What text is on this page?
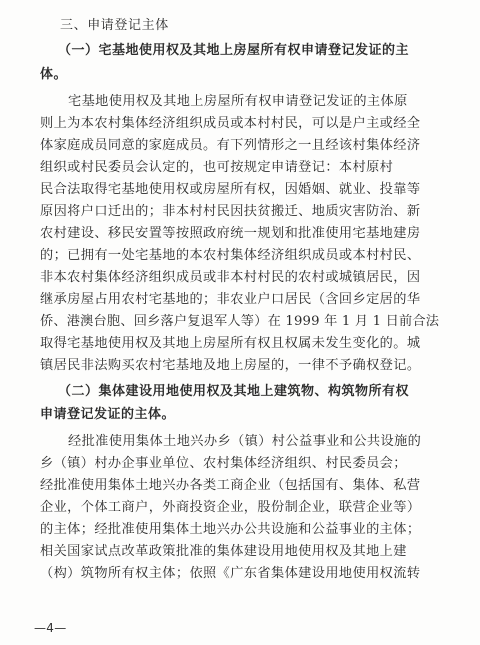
三、申请登记主体
（一）宅基地使用权及其地上房屋所有权申请登记发证的主
体。
宅基地使用权及其地上房屋所有权申请登记发证的主体原
则上为本农村集体经济组织成员或本村村民，可以是户主或经全
体家庭成员同意的家庭成员。有下列情形之一且经该村集体经济
组织或村民委员会认定的，也可按规定申请登记：本村原村
民合法取得宅基地使用权或房屋所有权，因婚姻、就业、投靠等
原因将户口迁出的；非本村村民因扶贫搬迁、地质灾害防治、新
农村建设、移民安置等按照政府统一规划和批准使用宅基地建房
的；已拥有一处宅基地的本农村集体经济组织成员或本村村民、
非本农村集体经济组织成员或非本村村民的农村或城镇居民，因
继承房屋占用农村宅基地的；非农业户口居民（含回乡定居的华
侨、港澳台胞、回乡落户复退军人等）在 1999 年 1 月 1 日前合法
取得宅基地使用权及其地上房屋所有权且权属未发生变化的。城
镇居民非法购买农村宅基地及地上房屋的，一律不予确权登记。
（二）集体建设用地使用权及其地上建筑物、构筑物所有权
申请登记发证的主体。
经批准使用集体土地兴办乡（镇）村公益事业和公共设施的
乡（镇）村办企事业单位、农村集体经济组织、村民委员会；
经批准使用集体土地兴办各类工商企业（包括国有、集体、私营
企业，个体工商户，外商投资企业，股份制企业，联营企业等）
的主体；经批准使用集体土地兴办公共设施和公益事业的主体；
相关国家试点改革政策批准的集体建设用地使用权及其地上建
（构）筑物所有权主体；依照《广东省集体建设用地使用权流转
—4—
